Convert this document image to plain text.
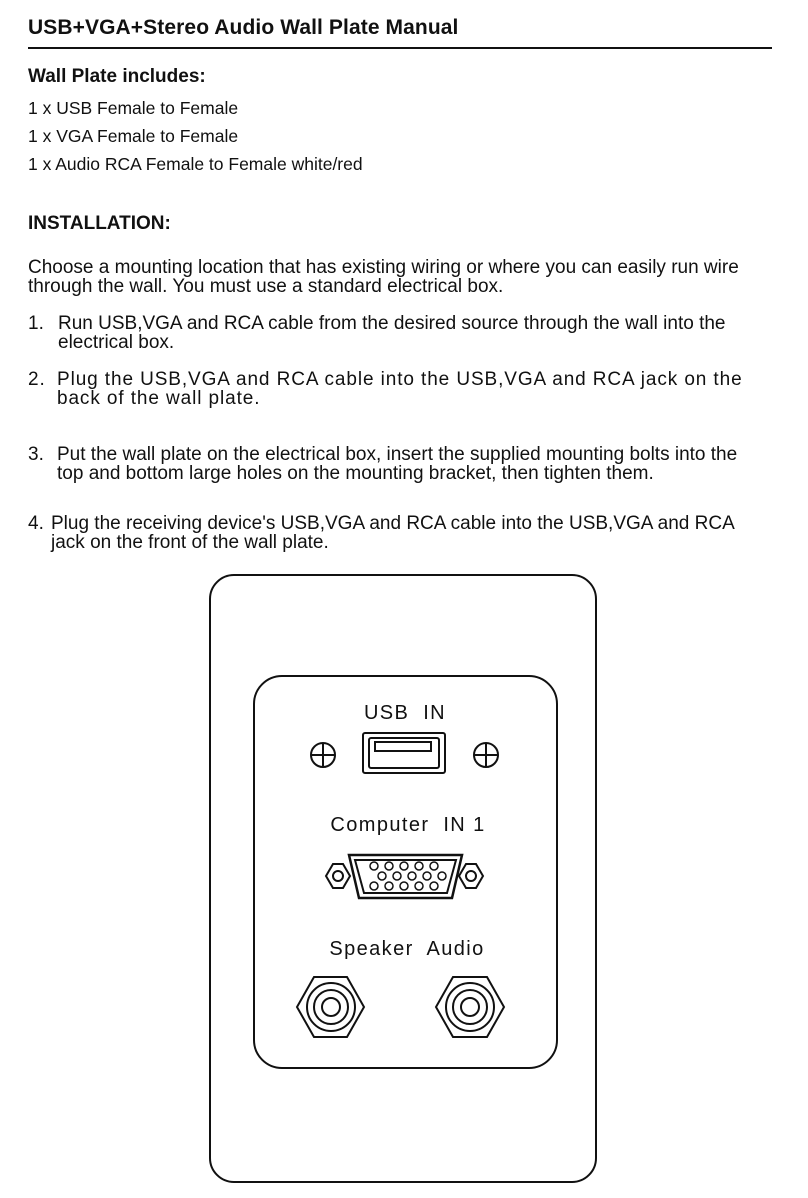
USB+VGA+Stereo Audio Wall Plate Manual
Wall Plate includes:
1 x USB Female to Female
1 x VGA Female to Female
1 x Audio RCA Female to Female white/red
INSTALLATION:
Choose a mounting location that has existing wiring or where you can easily run wire
through the wall. You must use a standard electrical box.
1. Run USB,VGA and RCA cable from the desired source through the wall into the
electrical box.
2. Plug the USB,VGA and RCA cable into the USB,VGA and RCA jack on the
back of the wall plate.
3. Put the wall plate on the electrical box, insert the supplied mounting bolts into the
top and bottom large holes on the mounting bracket, then tighten them.
4. Plug the receiving device's USB,VGA and RCA cable into the USB,VGA and RCA
jack on the front of the wall plate.
USB  IN
Computer  IN 1
Speaker  Audio
